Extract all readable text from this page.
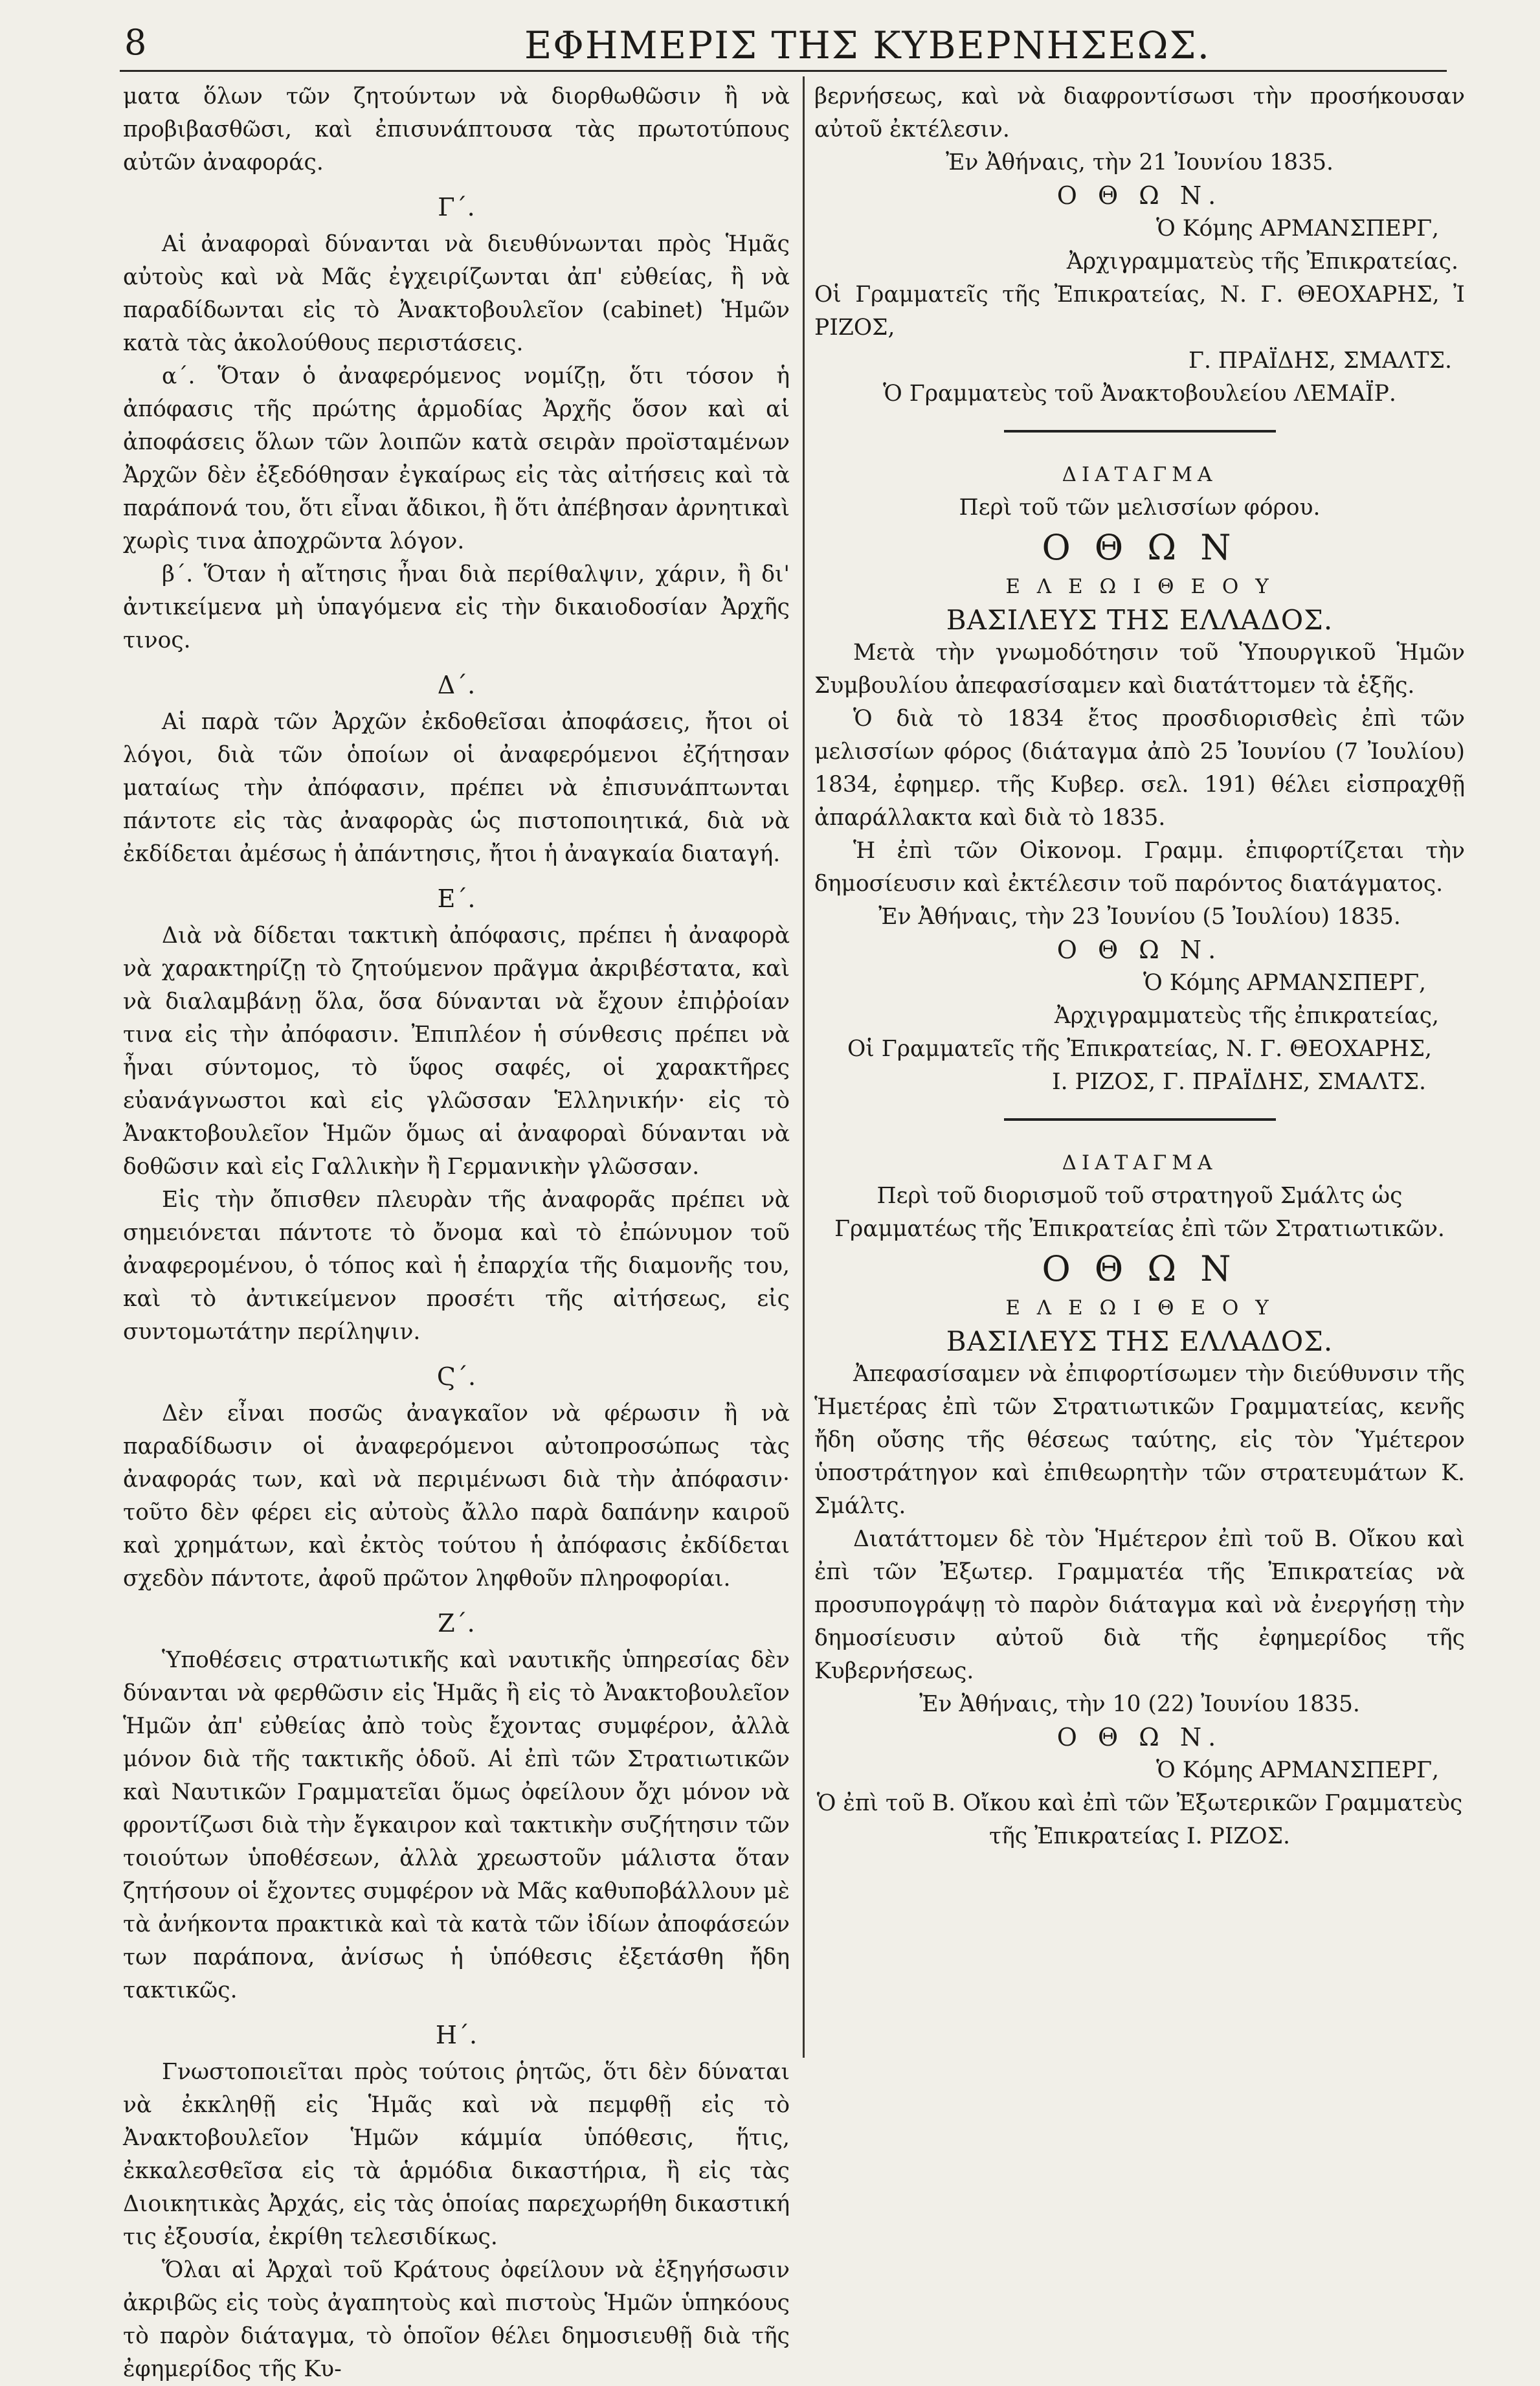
8	ΕΦΗΜΕΡΙΣ ΤΗΣ ΚΥΒΕΡΝΗΣΕΩΣ.

ματα ὅλων τῶν ζητούντων νὰ διορθωθῶσιν ἢ νὰ προβιβασθῶσι, καὶ ἐπισυνάπτουσα τὰς πρωτοτύπους αὐτῶν ἀναφοράς.

Γ΄.

Αἱ ἀναφοραὶ δύνανται νὰ διευθύνωνται πρὸς Ἡμᾶς αὐτοὺς καὶ νὰ Μᾶς ἐγχειρίζωνται ἀπ' εὐθείας, ἢ νὰ παραδίδωνται εἰς τὸ Ἀνακτοβουλεῖον (cabinet) Ἡμῶν κατὰ τὰς ἀκολούθους περιστάσεις.

α΄. Ὅταν ὁ ἀναφερόμενος νομίζῃ, ὅτι τόσον ἡ ἀπόφασις τῆς πρώτης ἁρμοδίας Ἀρχῆς ὅσον καὶ αἱ ἀποφάσεις ὅλων τῶν λοιπῶν κατὰ σειρὰν προϊσταμένων Ἀρχῶν δὲν ἐξεδόθησαν ἐγκαίρως εἰς τὰς αἰτήσεις καὶ τὰ παράπονά του, ὅτι εἶναι ἄδικοι, ἢ ὅτι ἀπέβησαν ἀρνητικαὶ χωρὶς τινα ἀποχρῶντα λόγον.

β΄. Ὅταν ἡ αἴτησις ἦναι διὰ περίθαλψιν, χάριν, ἢ δι' ἀντικείμενα μὴ ὑπαγόμενα εἰς τὴν δικαιοδοσίαν Ἀρχῆς τινος.

Δ΄.

Αἱ παρὰ τῶν Ἀρχῶν ἐκδοθεῖσαι ἀποφάσεις, ἤτοι οἱ λόγοι, διὰ τῶν ὁποίων οἱ ἀναφερόμενοι ἐζήτησαν ματαίως τὴν ἀπόφασιν, πρέπει νὰ ἐπισυνάπτωνται πάντοτε εἰς τὰς ἀναφορὰς ὡς πιστοποιητικά, διὰ νὰ ἐκδίδεται ἀμέσως ἡ ἀπάντησις, ἤτοι ἡ ἀναγκαία διαταγή.

Ε΄.

Διὰ νὰ δίδεται τακτικὴ ἀπόφασις, πρέπει ἡ ἀναφορὰ νὰ χαρακτηρίζῃ τὸ ζητούμενον πρᾶγμα ἀκριβέστατα, καὶ νὰ διαλαμβάνῃ ὅλα, ὅσα δύνανται νὰ ἔχουν ἐπιῤῥοίαν τινα εἰς τὴν ἀπόφασιν. Ἐπιπλέον ἡ σύνθεσις πρέπει νὰ ἦναι σύντομος, τὸ ὕφος σαφές, οἱ χαρακτῆρες εὐανάγνωστοι καὶ εἰς γλῶσσαν Ἑλληνικήν· εἰς τὸ Ἀνακτοβουλεῖον Ἡμῶν ὅμως αἱ ἀναφοραὶ δύνανται νὰ δοθῶσιν καὶ εἰς Γαλλικὴν ἢ Γερμανικὴν γλῶσσαν.

Εἰς τὴν ὄπισθεν πλευρὰν τῆς ἀναφορᾶς πρέπει νὰ σημειόνεται πάντοτε τὸ ὄνομα καὶ τὸ ἐπώνυμον τοῦ ἀναφερομένου, ὁ τόπος καὶ ἡ ἐπαρχία τῆς διαμονῆς του, καὶ τὸ ἀντικείμενον προσέτι τῆς αἰτήσεως, εἰς συντομωτάτην περίληψιν.

Ϛ΄.

Δὲν εἶναι ποσῶς ἀναγκαῖον νὰ φέρωσιν ἢ νὰ παραδίδωσιν οἱ ἀναφερόμενοι αὐτοπροσώπως τὰς ἀναφοράς των, καὶ νὰ περιμένωσι διὰ τὴν ἀπόφασιν· τοῦτο δὲν φέρει εἰς αὐτοὺς ἄλλο παρὰ δαπάνην καιροῦ καὶ χρημάτων, καὶ ἐκτὸς τούτου ἡ ἀπόφασις ἐκδίδεται σχεδὸν πάντοτε, ἀφοῦ πρῶτον ληφθοῦν πληροφορίαι.

Ζ΄.

Ὑποθέσεις στρατιωτικῆς καὶ ναυτικῆς ὑπηρεσίας δὲν δύνανται νὰ φερθῶσιν εἰς Ἡμᾶς ἢ εἰς τὸ Ἀνακτοβουλεῖον Ἡμῶν ἀπ' εὐθείας ἀπὸ τοὺς ἔχοντας συμφέρον, ἀλλὰ μόνον διὰ τῆς τακτικῆς ὁδοῦ. Αἱ ἐπὶ τῶν Στρατιωτικῶν καὶ Ναυτικῶν Γραμματεῖαι ὅμως ὀφείλουν ὄχι μόνον νὰ φροντίζωσι διὰ τὴν ἔγκαιρον καὶ τακτικὴν συζήτησιν τῶν τοιούτων ὑποθέσεων, ἀλλὰ χρεωστοῦν μάλιστα ὅταν ζητήσουν οἱ ἔχοντες συμφέρον νὰ Μᾶς καθυποβάλλουν μὲ τὰ ἀνήκοντα πρακτικὰ καὶ τὰ κατὰ τῶν ἰδίων ἀποφάσεών των παράπονα, ἀνίσως ἡ ὑπόθεσις ἐξετάσθη ἤδη τακτικῶς.

Η΄.

Γνωστοποιεῖται πρὸς τούτοις ῥητῶς, ὅτι δὲν δύναται νὰ ἐκκληθῇ εἰς Ἡμᾶς καὶ νὰ πεμφθῇ εἰς τὸ Ἀνακτοβουλεῖον Ἡμῶν κάμμία ὑπόθεσις, ἥτις, ἐκκαλεσθεῖσα εἰς τὰ ἁρμόδια δικαστήρια, ἢ εἰς τὰς Διοικητικὰς Ἀρχάς, εἰς τὰς ὁποίας παρεχωρήθη δικαστική τις ἐξουσία, ἐκρίθη τελεσιδίκως.

Ὅλαι αἱ Ἀρχαὶ τοῦ Κράτους ὀφείλουν νὰ ἐξηγήσωσιν ἀκριβῶς εἰς τοὺς ἀγαπητοὺς καὶ πιστοὺς Ἡμῶν ὑπηκόους τὸ παρὸν διάταγμα, τὸ ὁποῖον θέλει δημοσιευθῇ διὰ τῆς ἐφημερίδος τῆς Κυ-

βερνήσεως, καὶ νὰ διαφροντίσωσι τὴν προσήκουσαν αὐτοῦ ἐκτέλεσιν.

Ἐν Ἀθήναις, τὴν 21 Ἰουνίου 1835.

Ο Θ Ω Ν.

Ὁ Κόμης ΑΡΜΑΝΣΠΕΡΓ,

Ἀρχιγραμματεὺς τῆς Ἐπικρατείας.

Οἱ Γραμματεῖς τῆς Ἐπικρατείας, Ν. Γ. ΘΕΟΧΑΡΗΣ, Ἰ ΡΙΖΟΣ,

Γ. ΠΡΑΪΔΗΣ, ΣΜΑΛΤΣ.

Ὁ Γραμματεὺς τοῦ Ἀνακτοβουλείου ΛΕΜΑΪΡ.

ΔΙΑΤΑΓΜΑ

Περὶ τοῦ τῶν μελισσίων φόρου.

Ο Θ Ω Ν

Ε Λ Ε Ω Ι Θ Ε Ο Υ

ΒΑΣΙΛΕΥΣ ΤΗΣ ΕΛΛΑΔΟΣ.

Μετὰ τὴν γνωμοδότησιν τοῦ Ὑπουργικοῦ Ἡμῶν Συμβουλίου ἀπεφασίσαμεν καὶ διατάττομεν τὰ ἑξῆς.

Ὁ διὰ τὸ 1834 ἔτος προσδιορισθεὶς ἐπὶ τῶν μελισσίων φόρος (διάταγμα ἀπὸ 25 Ἰουνίου (7 Ἰουλίου) 1834, ἐφημερ. τῆς Κυβερ. σελ. 191) θέλει εἰσπραχθῇ ἀπαράλλακτα καὶ διὰ τὸ 1835.

Ἡ ἐπὶ τῶν Οἰκονομ. Γραμμ. ἐπιφορτίζεται τὴν δημοσίευσιν καὶ ἐκτέλεσιν τοῦ παρόντος διατάγματος.

Ἐν Ἀθήναις, τὴν 23 Ἰουνίου (5 Ἰουλίου) 1835.

Ο Θ Ω Ν.

Ὁ Κόμης ΑΡΜΑΝΣΠΕΡΓ,

Ἀρχιγραμματεὺς τῆς ἐπικρατείας,

Οἱ Γραμματεῖς τῆς Ἐπικρατείας, Ν. Γ. ΘΕΟΧΑΡΗΣ,

Ι. ΡΙΖΟΣ, Γ. ΠΡΑΪΔΗΣ, ΣΜΑΛΤΣ.

ΔΙΑΤΑΓΜΑ

Περὶ τοῦ διορισμοῦ τοῦ στρατηγοῦ Σμάλτς ὡς Γραμματέως τῆς Ἐπικρατείας ἐπὶ τῶν Στρατιωτικῶν.

Ο Θ Ω Ν

Ε Λ Ε Ω Ι Θ Ε Ο Υ

ΒΑΣΙΛΕΥΣ ΤΗΣ ΕΛΛΑΔΟΣ.

Ἀπεφασίσαμεν νὰ ἐπιφορτίσωμεν τὴν διεύθυνσιν τῆς Ἡμετέρας ἐπὶ τῶν Στρατιωτικῶν Γραμματείας, κενῆς ἤδη οὔσης τῆς θέσεως ταύτης, εἰς τὸν Ὑμέτερον ὑποστράτηγον καὶ ἐπιθεωρητὴν τῶν στρατευμάτων Κ. Σμάλτς.

Διατάττομεν δὲ τὸν Ἡμέτερον ἐπὶ τοῦ Β. Οἴκου καὶ ἐπὶ τῶν Ἐξωτερ. Γραμματέα τῆς Ἐπικρατείας νὰ προσυπογράψῃ τὸ παρὸν διάταγμα καὶ νὰ ἐνεργήσῃ τὴν δημοσίευσιν αὐτοῦ διὰ τῆς ἐφημερίδος τῆς Κυβερνήσεως.

Ἐν Ἀθήναις, τὴν 10 (22) Ἰουνίου 1835.

Ο Θ Ω Ν.

Ὁ Κόμης ΑΡΜΑΝΣΠΕΡΓ,

Ὁ ἐπὶ τοῦ Β. Οἴκου καὶ ἐπὶ τῶν Ἐξωτερικῶν Γραμματεὺς

τῆς Ἐπικρατείας Ι. ΡΙΖΟΣ.
